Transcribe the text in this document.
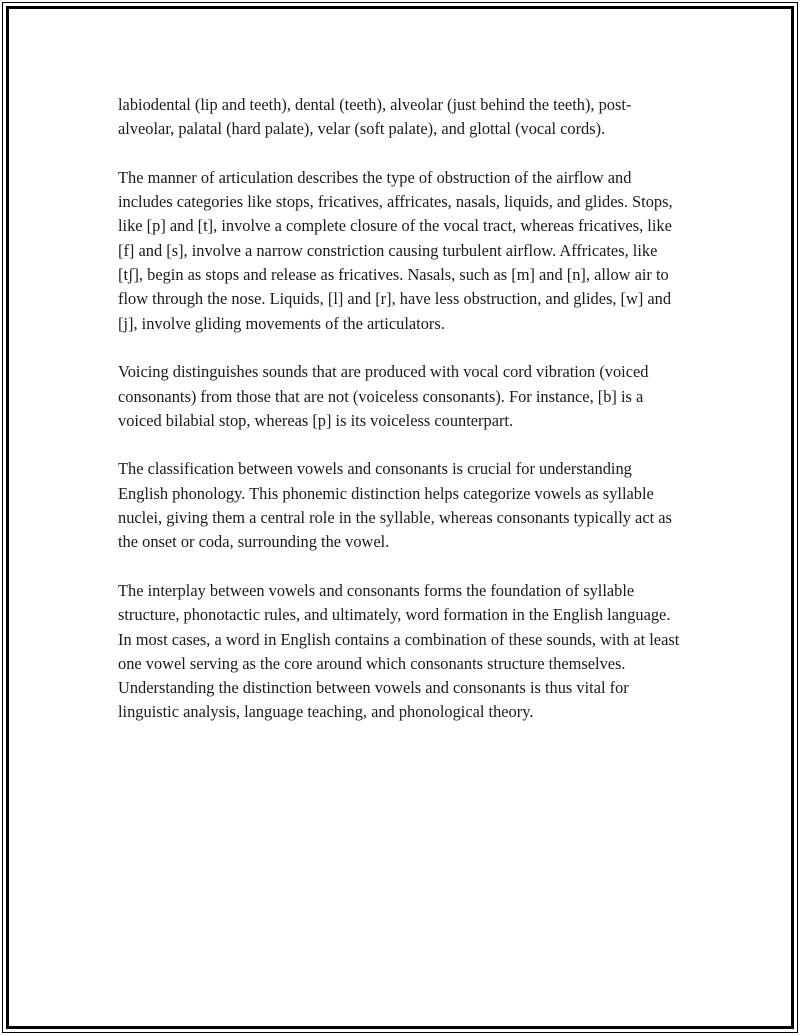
labiodental (lip and teeth), dental (teeth), alveolar (just behind the teeth), post-alveolar, palatal (hard palate), velar (soft palate), and glottal (vocal cords).

The manner of articulation describes the type of obstruction of the airflow and includes categories like stops, fricatives, affricates, nasals, liquids, and glides. Stops, like [p] and [t], involve a complete closure of the vocal tract, whereas fricatives, like [f] and [s], involve a narrow constriction causing turbulent airflow. Affricates, like [tʃ], begin as stops and release as fricatives. Nasals, such as [m] and [n], allow air to flow through the nose. Liquids, [l] and [r], have less obstruction, and glides, [w] and [j], involve gliding movements of the articulators.

Voicing distinguishes sounds that are produced with vocal cord vibration (voiced consonants) from those that are not (voiceless consonants). For instance, [b] is a voiced bilabial stop, whereas [p] is its voiceless counterpart.

The classification between vowels and consonants is crucial for understanding English phonology. This phonemic distinction helps categorize vowels as syllable nuclei, giving them a central role in the syllable, whereas consonants typically act as the onset or coda, surrounding the vowel.

The interplay between vowels and consonants forms the foundation of syllable structure, phonotactic rules, and ultimately, word formation in the English language. In most cases, a word in English contains a combination of these sounds, with at least one vowel serving as the core around which consonants structure themselves. Understanding the distinction between vowels and consonants is thus vital for linguistic analysis, language teaching, and phonological theory.
